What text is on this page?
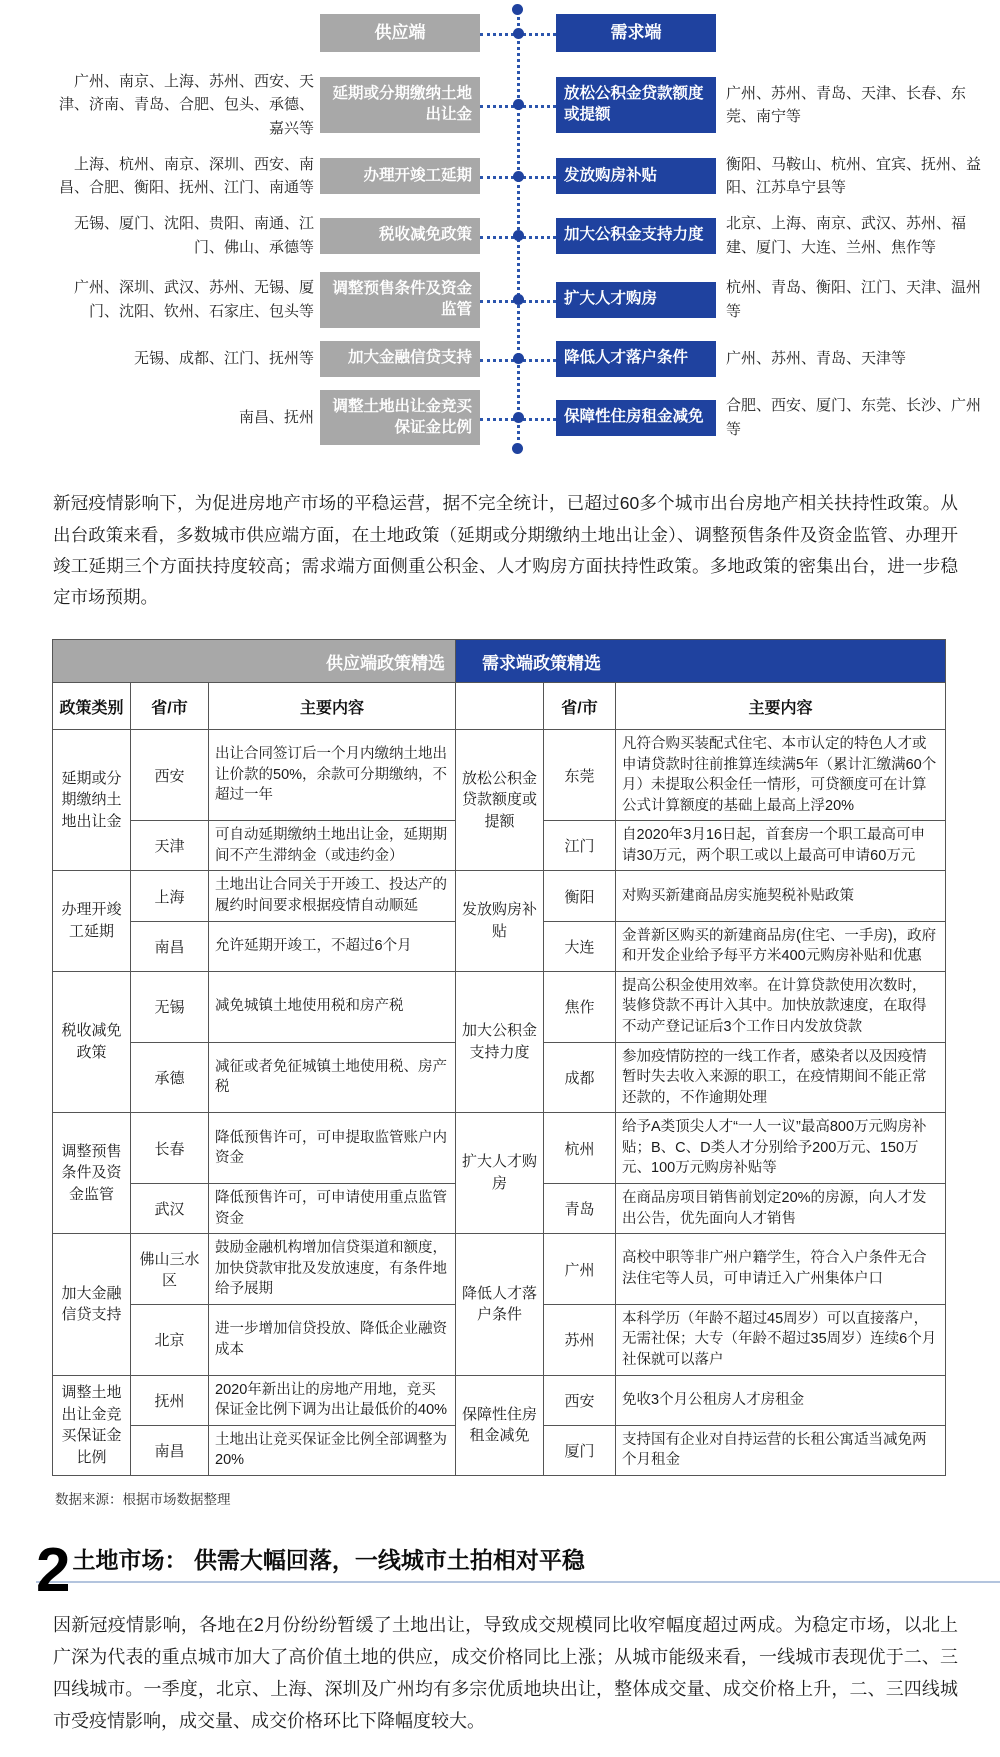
供应端	需求端
广州、南京、上海、苏州、西安、天津、济南、青岛、合肥、包头、承德、嘉兴等
延期或分期缴纳土地出让金
放松公积金贷款额度或提额
广州、苏州、青岛、天津、长春、东莞、南宁等
上海、杭州、南京、深圳、西安、南昌、合肥、衡阳、抚州、江门、南通等
办理开竣工延期	发放购房补贴
衡阳、马鞍山、杭州、宜宾、抚州、益阳、江苏阜宁县等
无锡、厦门、沈阳、贵阳、南通、江门、佛山、承德等
税收减免政策	加大公积金支持力度
北京、上海、南京、武汉、苏州、福建、厦门、大连、兰州、焦作等
广州、深圳、武汉、苏州、无锡、厦门、沈阳、钦州、石家庄、包头等
调整预售条件及资金监管
扩大人才购房
杭州、青岛、衡阳、江门、天津、温州等
无锡、成都、江门、抚州等	加大金融信贷支持	降低人才落户条件	广州、苏州、青岛、天津等
南昌、抚州
调整土地出让金竞买保证金比例
保障性住房租金减免
合肥、西安、厦门、东莞、长沙、广州等

新冠疫情影响下，为促进房地产市场的平稳运营，据不完全统计，已超过60多个城市出台房地产相关扶持性政策。从出台政策来看，多数城市供应端方面，在土地政策（延期或分期缴纳土地出让金）、调整预售条件及资金监管、办理开竣工延期三个方面扶持度较高；需求端方面侧重公积金、人才购房方面扶持性政策。多地政策的密集出台，进一步稳定市场预期。

供应端政策精选			需求端政策精选		
政策类别	省/市	主要内容		省/市	主要内容
延期或分期缴纳土地出让金	西安	出让合同签订后一个月内缴纳土地出让价款的50%，余款可分期缴纳，不超过一年	放松公积金贷款额度或提额	东莞	凡符合购买装配式住宅、本市认定的特色人才或申请贷款时往前推算连续满5年（累计汇缴满60个月）未提取公积金任一情形，可贷额度可在计算公式计算额度的基础上最高上浮20%
	天津	可自动延期缴纳土地出让金，延期期间不产生滞纳金（或违约金）		江门	自2020年3月16日起，首套房一个职工最高可申请30万元，两个职工或以上最高可申请60万元
办理开竣工延期	上海	土地出让合同关于开竣工、投达产的履约时间要求根据疫情自动顺延	发放购房补贴	衡阳	对购买新建商品房实施契税补贴政策
	南昌	允许延期开竣工，不超过6个月		大连	金普新区购买的新建商品房(住宅、一手房)，政府和开发企业给予每平方米400元购房补贴和优惠
税收减免政策	无锡	减免城镇土地使用税和房产税	加大公积金支持力度	焦作	提高公积金使用效率。在计算贷款使用次数时，装修贷款不再计入其中。加快放款速度，在取得不动产登记证后3个工作日内发放贷款
	承德	减征或者免征城镇土地使用税、房产税		成都	参加疫情防控的一线工作者，感染者以及因疫情暂时失去收入来源的职工，在疫情期间不能正常还款的，不作逾期处理
调整预售条件及资金监管	长春	降低预售许可，可申提取监管账户内资金	扩大人才购房	杭州	给予A类顶尖人才“一人一议”最高800万元购房补贴；B、C、D类人才分别给予200万元、150万元、100万元购房补贴等
	武汉	降低预售许可，可申请使用重点监管资金		青岛	在商品房项目销售前划定20%的房源，向人才发出公告，优先面向人才销售
加大金融信贷支持	佛山三水区	鼓励金融机构增加信贷渠道和额度，加快贷款审批及发放速度，有条件地给予展期	降低人才落户条件	广州	高校中职等非广州户籍学生，符合入户条件无合法住宅等人员，可申请迁入广州集体户口
	北京	进一步增加信贷投放、降低企业融资成本		苏州	本科学历（年龄不超过45周岁）可以直接落户，无需社保；大专（年龄不超过35周岁）连续6个月社保就可以落户
调整土地出让金竞买保证金比例	抚州	2020年新出让的房地产用地，竞买保证金比例下调为出让最低价的40%	保障性住房租金减免	西安	免收3个月公租房人才房租金
	南昌	土地出让竞买保证金比例全部调整为20%		厦门	支持国有企业对自持运营的长租公寓适当减免两个月租金
数据来源：根据市场数据整理
2 土地市场： 供需大幅回落，一线城市土拍相对平稳

因新冠疫情影响，各地在2月份纷纷暂缓了土地出让，导致成交规模同比收窄幅度超过两成。为稳定市场，以北上广深为代表的重点城市加大了高价值土地的供应，成交价格同比上涨；从城市能级来看，一线城市表现优于二、三四线城市。一季度，北京、上海、深圳及广州均有多宗优质地块出让，整体成交量、成交价格上升，二、三四线城市受疫情影响，成交量、成交价格环比下降幅度较大。
